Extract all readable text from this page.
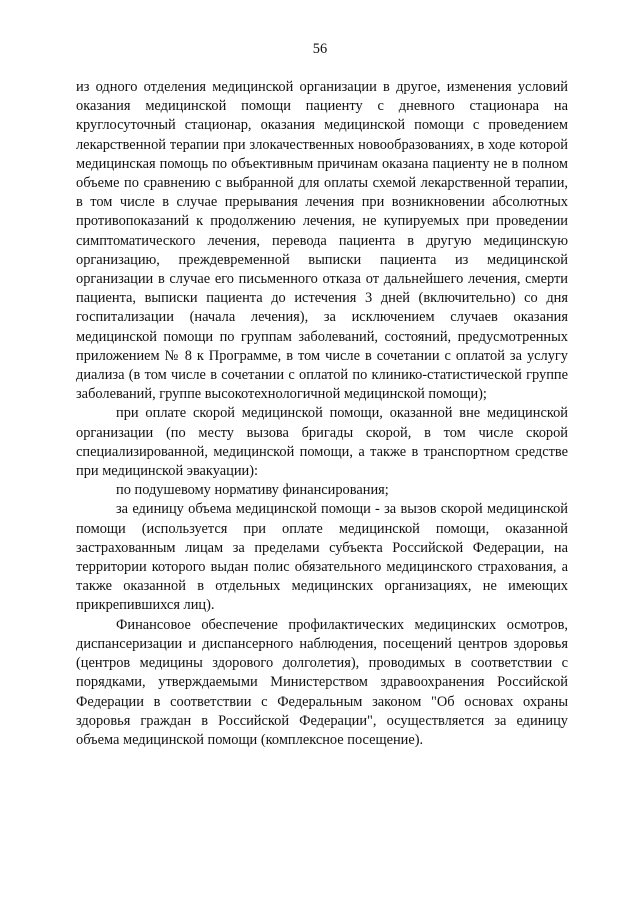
56

из одного отделения медицинской организации в другое, изменения условий оказания медицинской помощи пациенту с дневного стационара на круглосуточный стационар, оказания медицинской помощи с проведением лекарственной терапии при злокачественных новообразованиях, в ходе которой медицинская помощь по объективным причинам оказана пациенту не в полном объеме по сравнению с выбранной для оплаты схемой лекарственной терапии, в том числе в случае прерывания лечения при возникновении абсолютных противопоказаний к продолжению лечения, не купируемых при проведении симптоматического лечения, перевода пациента в другую медицинскую организацию, преждевременной выписки пациента из медицинской организации в случае его письменного отказа от дальнейшего лечения, смерти пациента, выписки пациента до истечения 3 дней (включительно) со дня госпитализации (начала лечения), за исключением случаев оказания медицинской помощи по группам заболеваний, состояний, предусмотренных приложением № 8 к Программе, в том числе в сочетании с оплатой за услугу диализа (в том числе в сочетании с оплатой по клинико-статистической группе заболеваний, группе высокотехнологичной медицинской помощи);

при оплате скорой медицинской помощи, оказанной вне медицинской организации (по месту вызова бригады скорой, в том числе скорой специализированной, медицинской помощи, а также в транспортном средстве при медицинской эвакуации):

по подушевому нормативу финансирования;

за единицу объема медицинской помощи - за вызов скорой медицинской помощи (используется при оплате медицинской помощи, оказанной застрахованным лицам за пределами субъекта Российской Федерации, на территории которого выдан полис обязательного медицинского страхования, а также оказанной в отдельных медицинских организациях, не имеющих прикрепившихся лиц).

Финансовое обеспечение профилактических медицинских осмотров, диспансеризации и диспансерного наблюдения, посещений центров здоровья (центров медицины здорового долголетия), проводимых в соответствии с порядками, утверждаемыми Министерством здравоохранения Российской Федерации в соответствии с Федеральным законом "Об основах охраны здоровья граждан в Российской Федерации", осуществляется за единицу объема медицинской помощи (комплексное посещение).
